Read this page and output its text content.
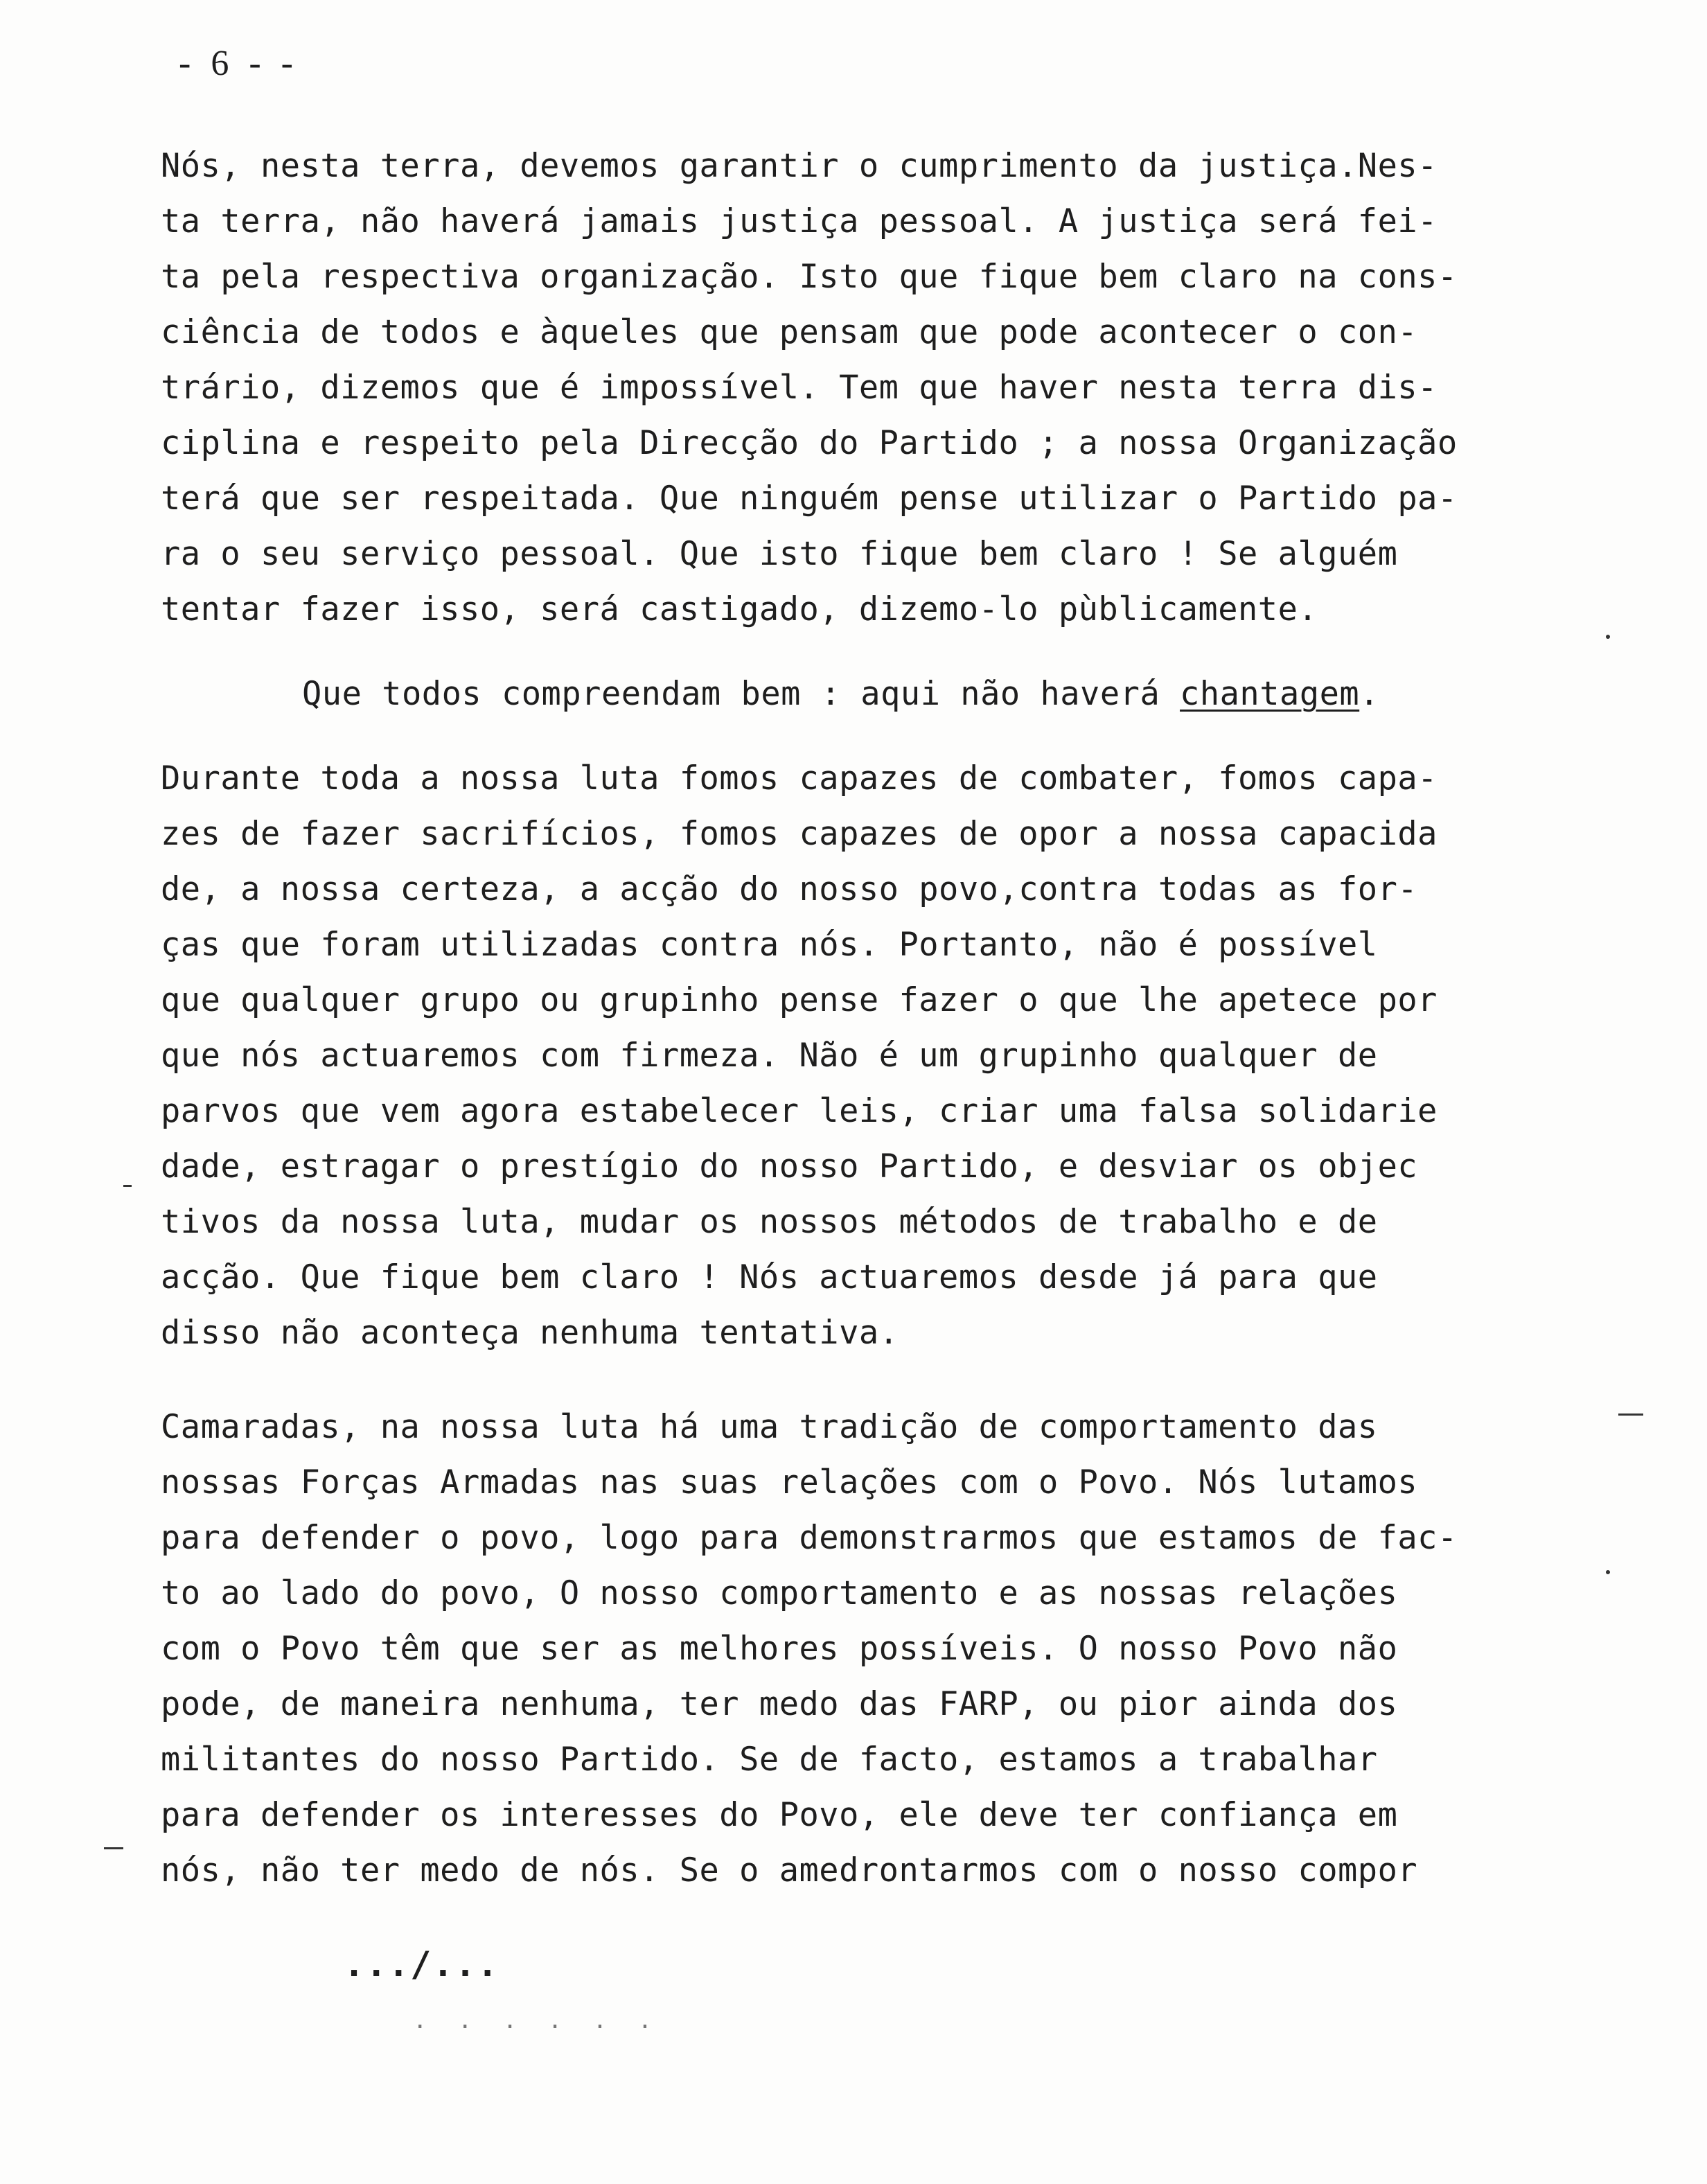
- 6 - -
Nós, nesta terra, devemos garantir o cumprimento da justiça.Nes-
ta terra, não haverá jamais justiça pessoal. A justiça será fei-
ta pela respectiva organização. Isto que fique bem claro na cons-
ciência de todos e àqueles que pensam que pode acontecer o con-
trário, dizemos que é impossível. Tem que haver nesta terra dis-
ciplina e respeito pela Direcção do Partido ; a nossa Organização
terá que ser respeitada. Que ninguém pense utilizar o Partido pa-
ra o seu serviço pessoal. Que isto fique bem claro ! Se alguém
tentar fazer isso, será castigado, dizemo-lo pùblicamente.
Que todos compreendam bem : aqui não haverá chantagem.
Durante toda a nossa luta fomos capazes de combater, fomos capa-
zes de fazer sacrifícios, fomos capazes de opor a nossa capacida
de, a nossa certeza, a acção do nosso povo,contra todas as for-
ças que foram utilizadas contra nós. Portanto, não é possível
que qualquer grupo ou grupinho pense fazer o que lhe apetece por
que nós actuaremos com firmeza. Não é um grupinho qualquer de
parvos que vem agora estabelecer leis, criar uma falsa solidarie
dade, estragar o prestígio do nosso Partido, e desviar os objec
tivos da nossa luta, mudar os nossos métodos de trabalho e de
acção. Que fique bem claro ! Nós actuaremos desde já para que
disso não aconteça nenhuma tentativa.
Camaradas, na nossa luta há uma tradição de comportamento das
nossas Forças Armadas nas suas relações com o Povo. Nós lutamos
para defender o povo, logo para demonstrarmos que estamos de fac-
to ao lado do povo, O nosso comportamento e as nossas relações
com o Povo têm que ser as melhores possíveis. O nosso Povo não
pode, de maneira nenhuma, ter medo das FARP, ou pior ainda dos
militantes do nosso Partido. Se de facto, estamos a trabalhar
para defender os interesses do Povo, ele deve ter confiança em
nós, não ter medo de nós. Se o amedrontarmos com o nosso compor
.../...
. . . . . .
